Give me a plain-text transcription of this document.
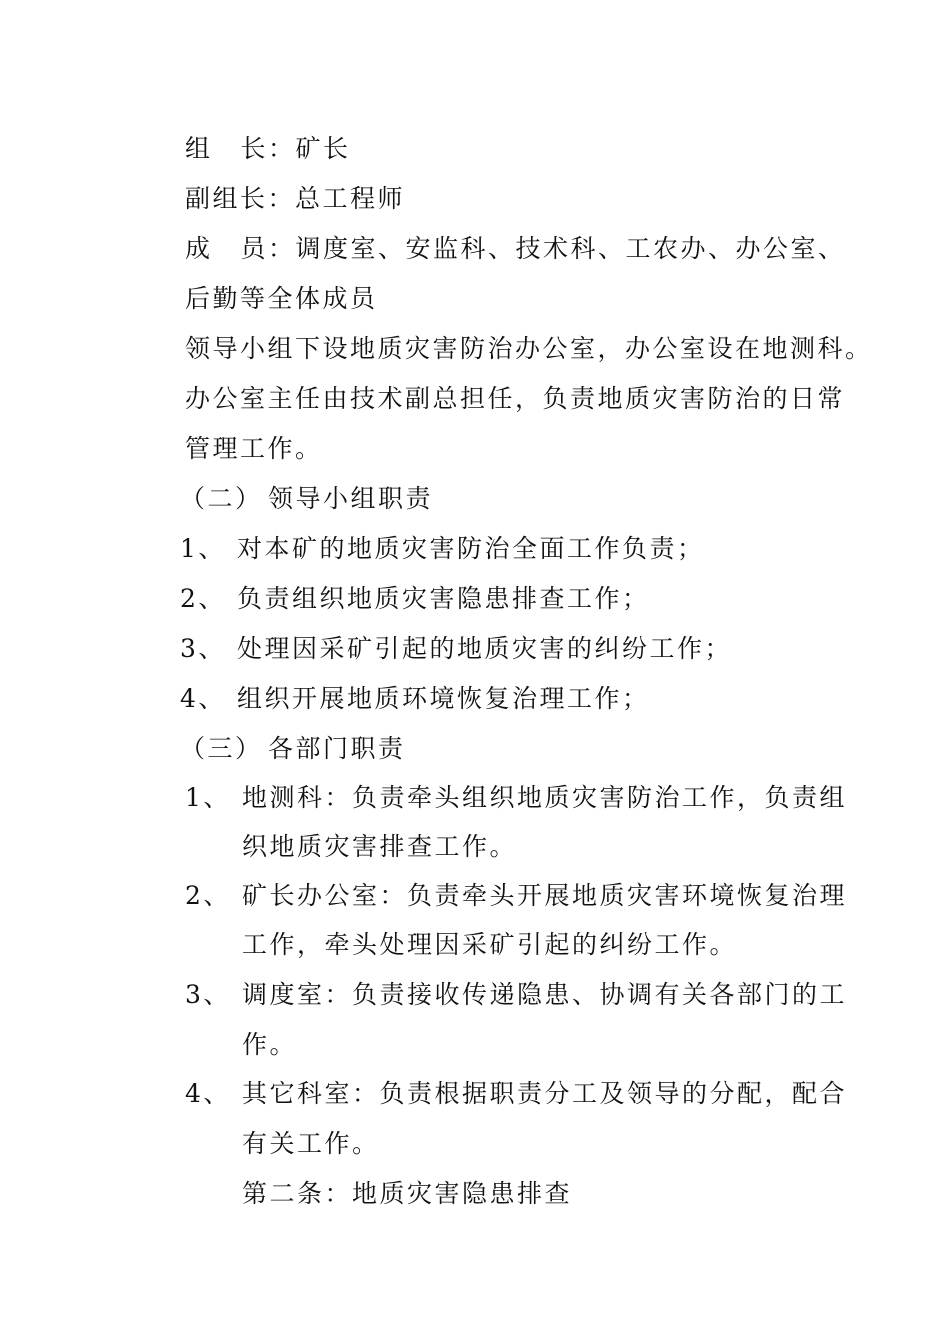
组 长：矿长
副组长：总工程师
成 员：调度室、安监科、技术科、工农办、办公室、
后勤等全体成员
领导小组下设地质灾害防治办公室，办公室设在地测科。
办公室主任由技术副总担任，负责地质灾害防治的日常
管理工作。
（二） 领导小组职责
1、 对本矿的地质灾害防治全面工作负责；
2、 负责组织地质灾害隐患排查工作；
3、 处理因采矿引起的地质灾害的纠纷工作；
4、 组织开展地质环境恢复治理工作；
（三） 各部门职责
1、 地测科：负责牵头组织地质灾害防治工作，负责组
织地质灾害排查工作。
2、 矿长办公室：负责牵头开展地质灾害环境恢复治理
工作，牵头处理因采矿引起的纠纷工作。
3、 调度室：负责接收传递隐患、协调有关各部门的工
作。
4、 其它科室：负责根据职责分工及领导的分配，配合
有关工作。
第二条：地质灾害隐患排查
